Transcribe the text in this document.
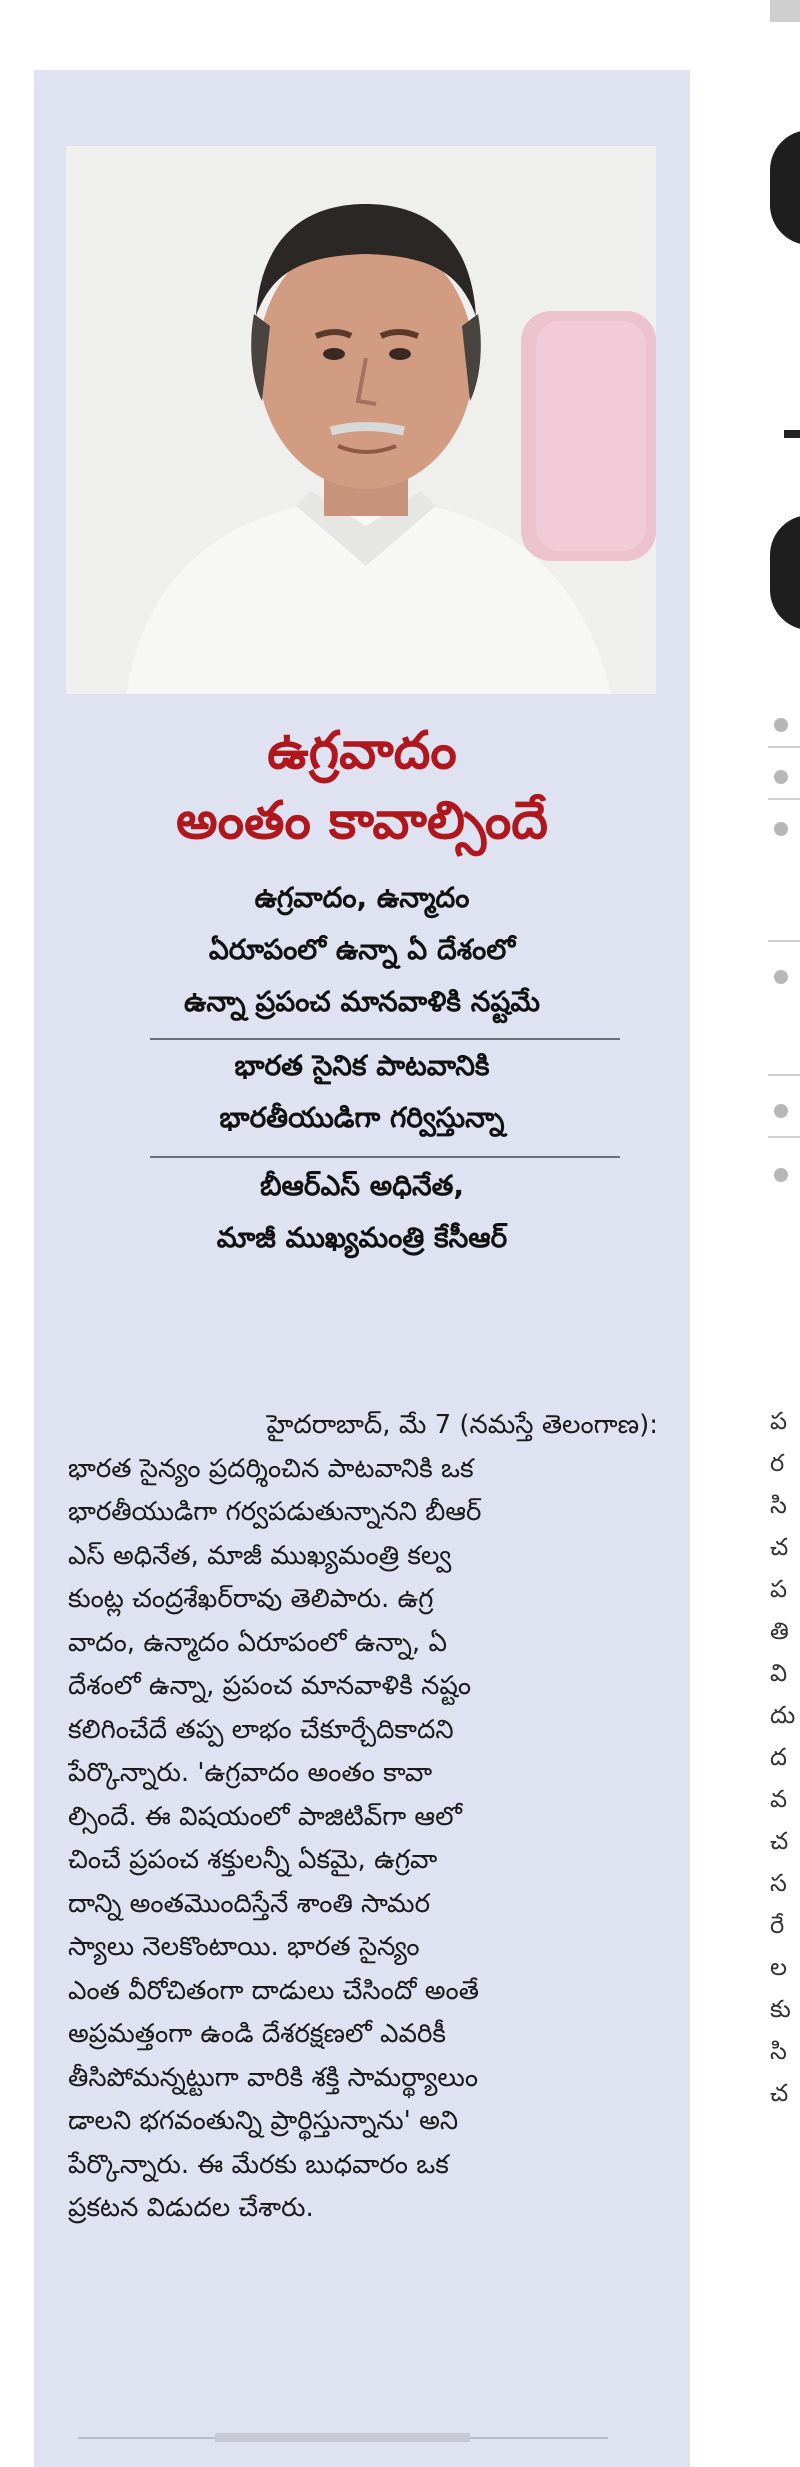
ఉగ్రవాదం
అంతం కావాల్సిందే
ఉగ్రవాదం, ఉన్మాదం
ఏరూపంలో ఉన్నా ఏ దేశంలో
ఉన్నా ప్రపంచ మానవాళికి నష్టమే
భారత సైనిక పాటవానికి
భారతీయుడిగా గర్విస్తున్నా
బీఆర్‌ఎస్ అధినేత,
మాజీ ముఖ్యమంత్రి కేసీఆర్
హైదరాబాద్, మే 7 (నమస్తే తెలంగాణ):
భారత సైన్యం ప్రదర్శించిన పాటవానికి ఒక
భారతీయుడిగా గర్వపడుతున్నానని బీఆర్
ఎస్ అధినేత, మాజీ ముఖ్యమంత్రి కల్వ
కుంట్ల చంద్రశేఖర్‌రావు తెలిపారు. ఉగ్ర
వాదం, ఉన్మాదం ఏరూపంలో ఉన్నా, ఏ
దేశంలో ఉన్నా, ప్రపంచ మానవాళికి నష్టం
కలిగించేదే తప్ప లాభం చేకూర్చేదికాదని
పేర్కొన్నారు. 'ఉగ్రవాదం అంతం కావా
ల్సిందే. ఈ విషయంలో పాజిటివ్‌గా ఆలో
చించే ప్రపంచ శక్తులన్నీ ఏకమై, ఉగ్రవా
దాన్ని అంతమొందిస్తేనే శాంతి సామర
స్యాలు నెలకొంటాయి. భారత సైన్యం
ఎంత వీరోచితంగా దాడులు చేసిందో అంతే
అప్రమత్తంగా ఉండి దేశరక్షణలో ఎవరికీ
తీసిపోమన్నట్టుగా వారికి శక్తి సామర్థ్యాలుం
డాలని భగవంతున్ని ప్రార్థిస్తున్నాను' అని
పేర్కొన్నారు. ఈ మేరకు బుధవారం ఒక
ప్రకటన విడుదల చేశారు.
ప
ర
సి
చ
ప
తి
వి
దు
ద
వ
చ
స
రే
ల
కు
సి
చ
